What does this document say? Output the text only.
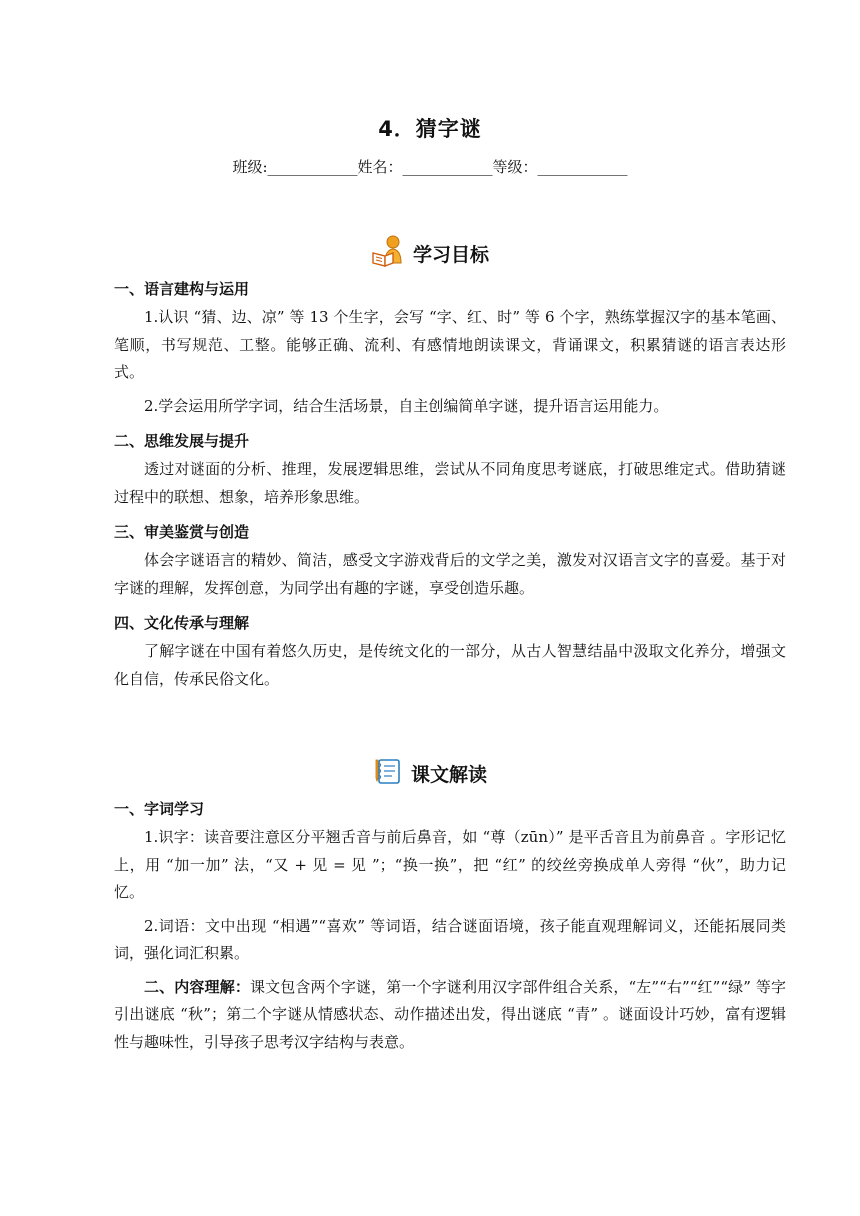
4．猜字谜
班级:____________姓名：____________等级：____________
学习目标
一、语言建构与运用

1.认识 “猜、边、凉” 等 13 个生字，会写 “字、红、时” 等 6 个字，熟练掌握汉字的基本笔画、笔顺，书写规范、工整。能够正确、流利、有感情地朗读课文，背诵课文，积累猜谜的语言表达形式。

2.学会运用所学字词，结合生活场景，自主创编简单字谜，提升语言运用能力。

二、思维发展与提升

透过对谜面的分析、推理，发展逻辑思维，尝试从不同角度思考谜底，打破思维定式。借助猜谜过程中的联想、想象，培养形象思维。

三、审美鉴赏与创造

体会字谜语言的精妙、简洁，感受文字游戏背后的文学之美，激发对汉语言文字的喜爱。基于对字谜的理解，发挥创意，为同学出有趣的字谜，享受创造乐趣。

四、文化传承与理解

了解字谜在中国有着悠久历史，是传统文化的一部分，从古人智慧结晶中汲取文化养分，增强文化自信，传承民俗文化。

课文解读
一、字词学习

1.识字：读音要注意区分平翘舌音与前后鼻音，如 “尊（zūn）” 是平舌音且为前鼻音 。字形记忆上，用 “加一加” 法，“又 + 见 = 见 ”；“换一换”，把 “红” 的绞丝旁换成单人旁得 “伙”，助力记忆。

2.词语：文中出现 “相遇”“喜欢” 等词语，结合谜面语境，孩子能直观理解词义，还能拓展同类词，强化词汇积累。

二、内容理解：课文包含两个字谜，第一个字谜利用汉字部件组合关系，“左”“右”“红”“绿” 等字引出谜底 “秋”；第二个字谜从情感状态、动作描述出发，得出谜底 “青” 。谜面设计巧妙，富有逻辑性与趣味性，引导孩子思考汉字结构与表意。
